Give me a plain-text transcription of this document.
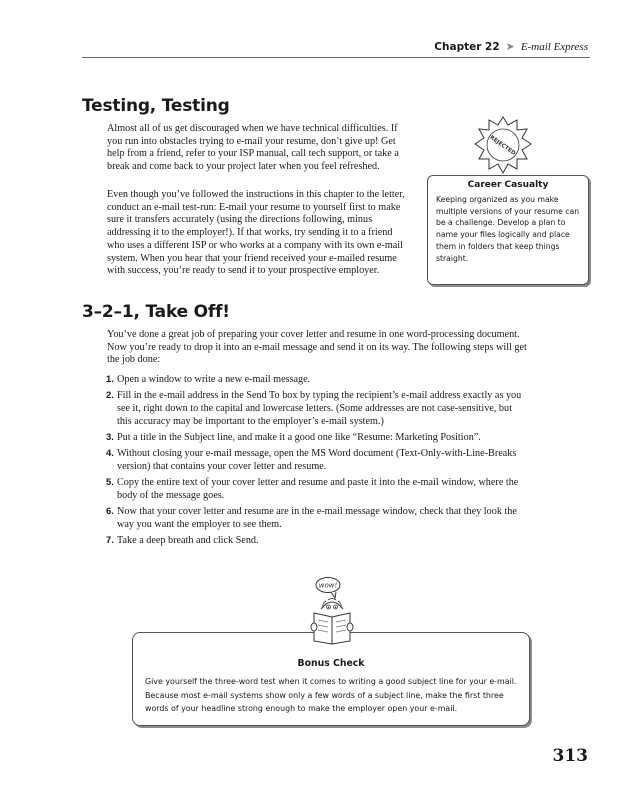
Chapter 22 ➤ E-mail Express
Testing, Testing

Almost all of us get discouraged when we have technical difficulties. If you run into obstacles trying to e-mail your resume, don’t give up! Get help from a friend, refer to your ISP manual, call tech support, or take a break and come back to your project later when you feel refreshed.

Even though you’ve followed the instructions in this chapter to the letter, conduct an e-mail test-run: E-mail your resume to yourself first to make sure it transfers accurately (using the directions following, minus addressing it to the employer!). If that works, try sending it to a friend who uses a different ISP or who works at a company with its own e-mail system. When you hear that your friend received your e-mailed resume with success, you’re ready to send it to your prospective employer.

REJECTED
Career Casualty
Keeping organized as you make multiple versions of your resume can be a challenge. Develop a plan to name your files logically and place them in folders that keep things straight.
3–2–1, Take Off!

You’ve done a great job of preparing your cover letter and resume in one word-processing document. Now you’re ready to drop it into an e-mail message and send it on its way. The following steps will get the job done:

1. Open a window to write a new e-mail message.
2. Fill in the e-mail address in the Send To box by typing the recipient’s e-mail address exactly as you see it, right down to the capital and lowercase letters. (Some addresses are not case-sensitive, but this accuracy may be important to the employer’s e-mail system.)
3. Put a title in the Subject line, and make it a good one like “Resume: Marketing Position”.
4. Without closing your e-mail message, open the MS Word document (Text-Only-with-Line-Breaks version) that contains your cover letter and resume.
5. Copy the entire text of your cover letter and resume and paste it into the e-mail window, where the body of the message goes.
6. Now that your cover letter and resume are in the e-mail message window, check that they look the way you want the employer to see them.
7. Take a deep breath and click Send.
Bonus Check
Give yourself the three-word test when it comes to writing a good subject line for your e-mail. Because most e-mail systems show only a few words of a subject line, make the first three words of your headline strong enough to make the employer open your e-mail.
wow!
313
